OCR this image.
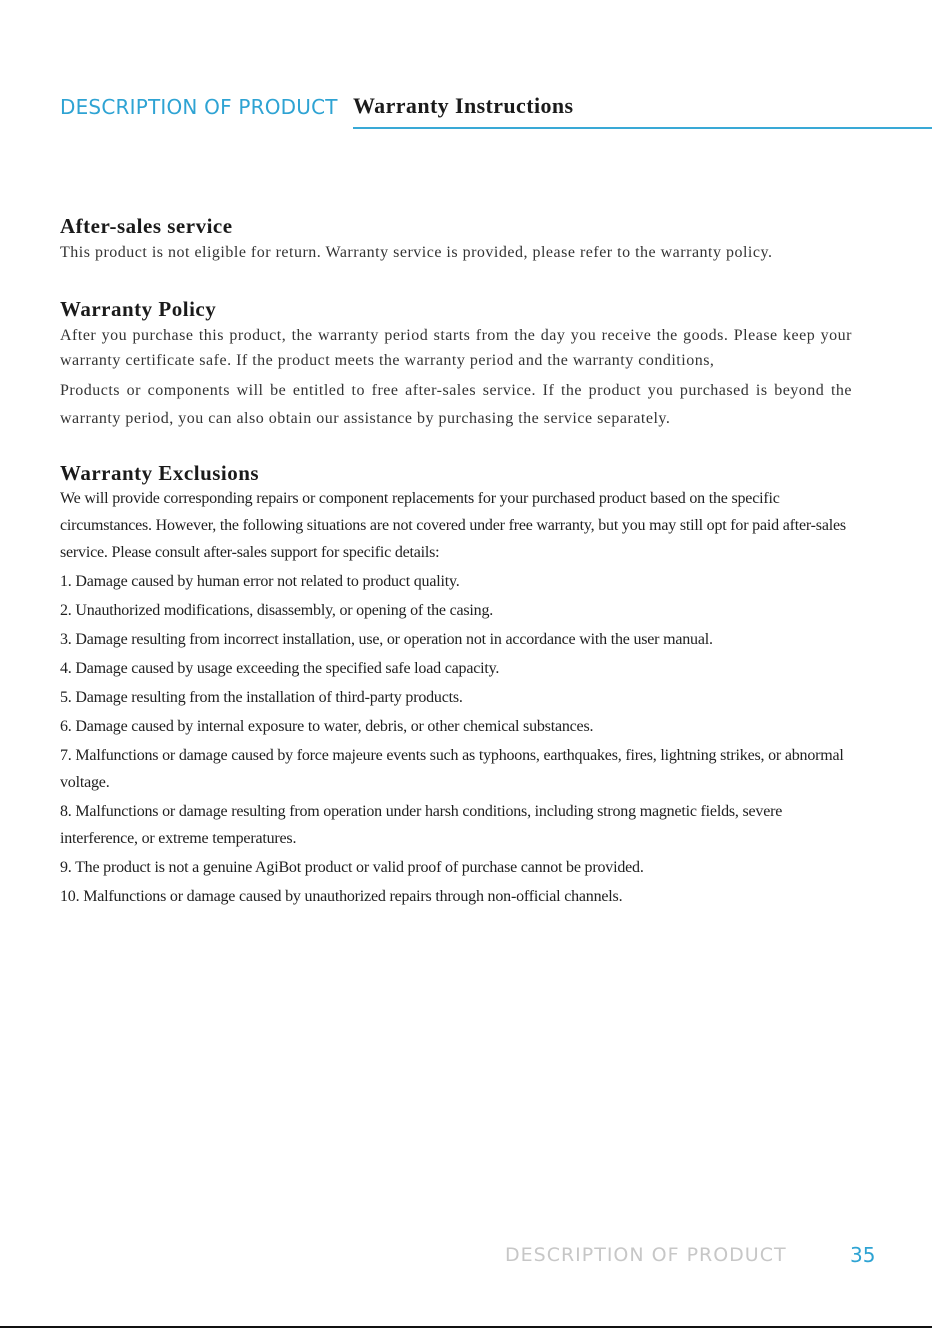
DESCRIPTION OF PRODUCT Warranty Instructions
After-sales service

This product is not eligible for return. Warranty service is provided, please refer to the warranty policy.

Warranty Policy

After you purchase this product, the warranty period starts from the day you receive the goods. Please keep your warranty certificate safe. If the product meets the warranty period and the warranty conditions,

Products or components will be entitled to free after-sales service. If the product you purchased is beyond the warranty period, you can also obtain our assistance by purchasing the service separately.

Warranty Exclusions

We will provide corresponding repairs or component replacements for your purchased product based on the specific circumstances. However, the following situations are not covered under free warranty, but you may still opt for paid after-sales service. Please consult after-sales support for specific details:

1. Damage caused by human error not related to product quality.
2. Unauthorized modifications, disassembly, or opening of the casing.
3. Damage resulting from incorrect installation, use, or operation not in accordance with the user manual.
4. Damage caused by usage exceeding the specified safe load capacity.
5. Damage resulting from the installation of third-party products.
6. Damage caused by internal exposure to water, debris, or other chemical substances.
7. Malfunctions or damage caused by force majeure events such as typhoons, earthquakes, fires, lightning strikes, or abnormal voltage.
8. Malfunctions or damage resulting from operation under harsh conditions, including strong magnetic fields, severe interference, or extreme temperatures.
9. The product is not a genuine AgiBot product or valid proof of purchase cannot be provided.
10. Malfunctions or damage caused by unauthorized repairs through non-official channels.
DESCRIPTION OF PRODUCT	35
